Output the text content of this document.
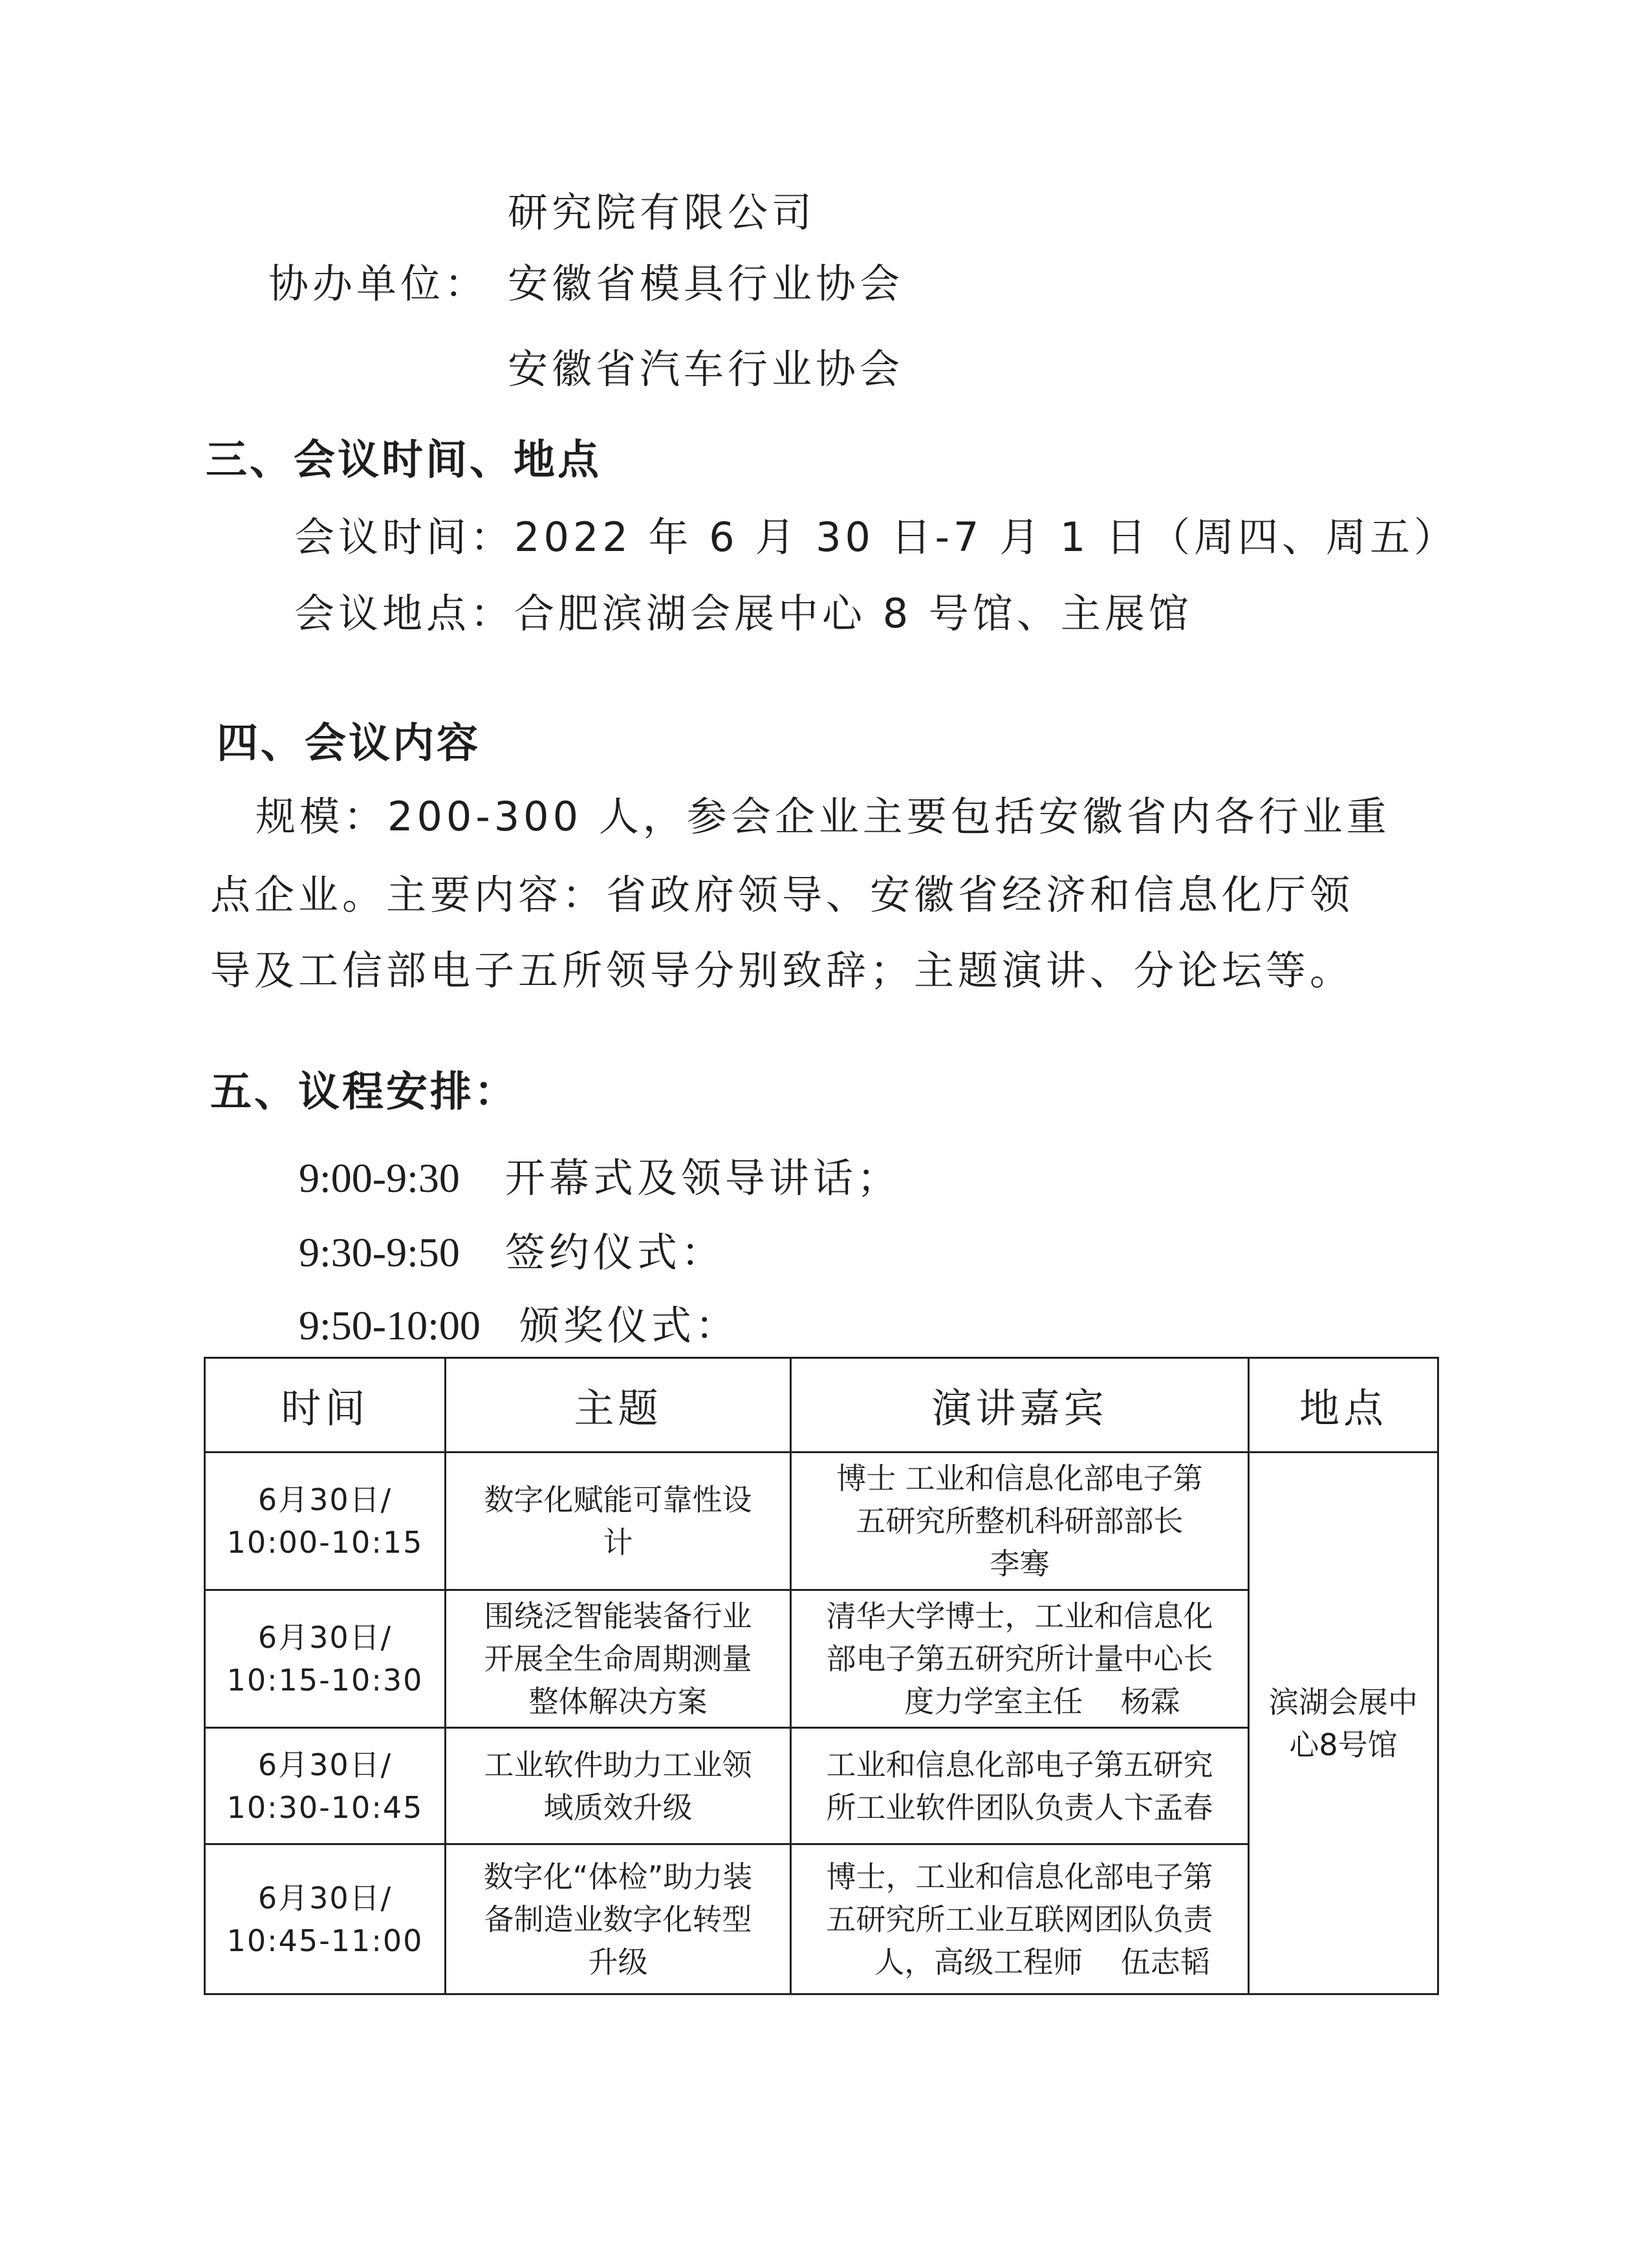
研究院有限公司
协办单位： 安徽省模具行业协会
安徽省汽车行业协会
三、会议时间、地点
会议时间：2022 年 6 月 30 日-7 月 1 日（周四、周五）
会议地点：合肥滨湖会展中心 8 号馆、主展馆
四、会议内容
规模：200-300 人，参会企业主要包括安徽省内各行业重
点企业。主要内容：省政府领导、安徽省经济和信息化厅领
导及工信部电子五所领导分别致辞；主题演讲、分论坛等。
五、议程安排：
9:00-9:30 开幕式及领导讲话；
9:30-9:50 签约仪式：
9:50-10:00 颁奖仪式：
时间	主题	演讲嘉宾	地点

6月30日/
10:00-10:15	数字化赋能可靠性设
计	博士 工业和信息化部电子第
五研究所整机科研部部长
李骞	滨湖会展中
心8号馆

6月30日/
10:15-10:30	围绕泛智能装备行业
开展全生命周期测量
整体解决方案	清华大学博士，工业和信息化
部电子第五研究所计量中心长
度力学室主任    杨霖	

6月30日/
10:30-10:45	工业软件助力工业领
域质效升级	工业和信息化部电子第五研究
所工业软件团队负责人卞孟春	

6月30日/
10:45-11:00	数字化“体检”助力装
备制造业数字化转型
升级	博士，工业和信息化部电子第
五研究所工业互联网团队负责
人，高级工程师    伍志韬	
